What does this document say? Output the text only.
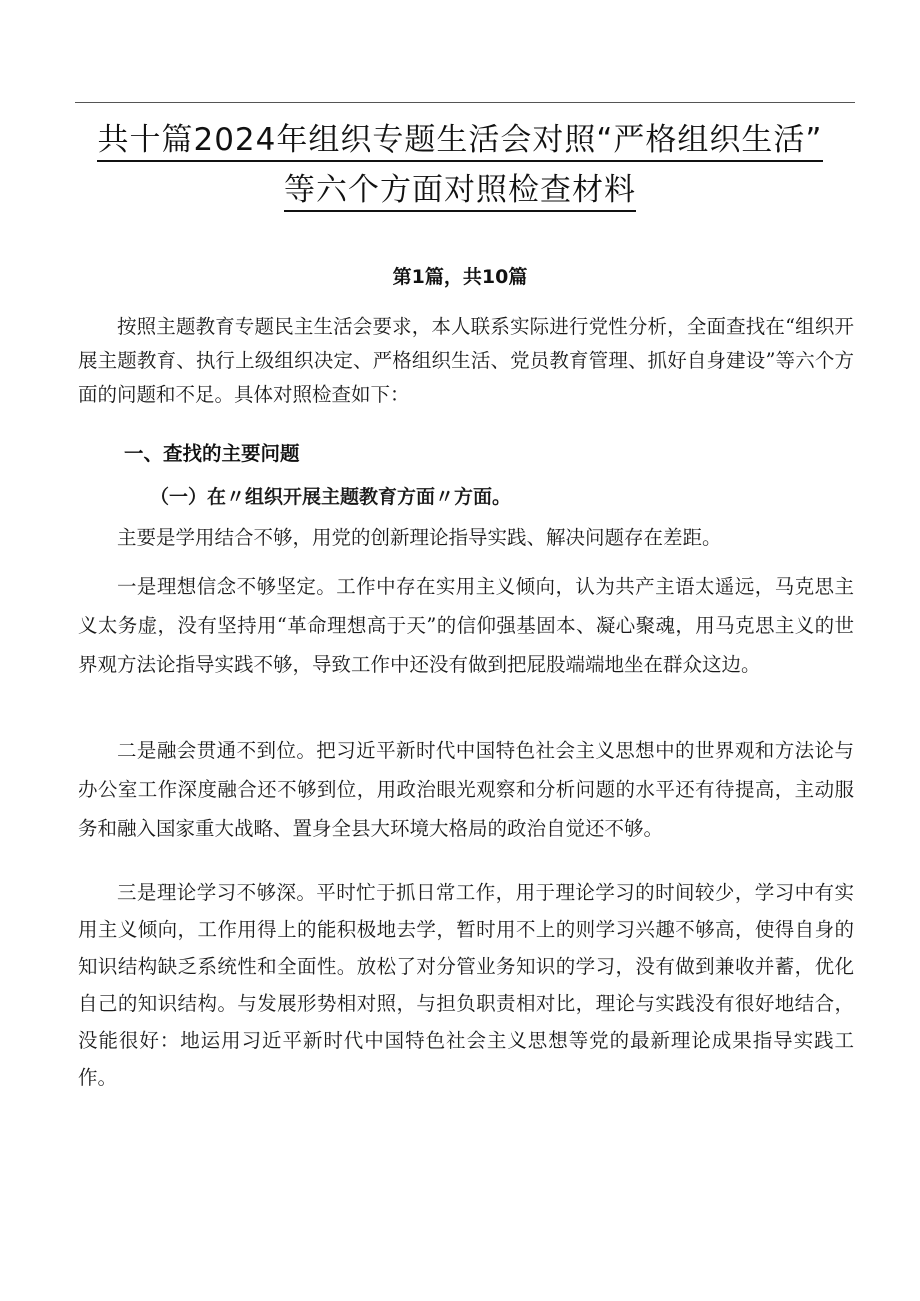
共十篇2024年组织专题生活会对照“严格组织生活”
等六个方面对照检查材料
第1篇，共10篇

按照主题教育专题民主生活会要求，本人联系实际进行党性分析，全面查找在“组织开展主题教育、执行上级组织决定、严格组织生活、党员教育管理、抓好自身建设”等六个方面的问题和不足。具体对照检查如下：

一、查找的主要问题
（一）在〃组织开展主题教育方面〃方面。

主要是学用结合不够，用党的创新理论指导实践、解决问题存在差距。

一是理想信念不够坚定。工作中存在实用主义倾向，认为共产主语太遥远，马克思主义太务虚，没有坚持用“革命理想高于天”的信仰强基固本、凝心聚魂，用马克思主义的世界观方法论指导实践不够，导致工作中还没有做到把屁股端端地坐在群众这边。

二是融会贯通不到位。把习近平新时代中国特色社会主义思想中的世界观和方法论与办公室工作深度融合还不够到位，用政治眼光观察和分析问题的水平还有待提高，主动服务和融入国家重大战略、置身全县大环境大格局的政治自觉还不够。

三是理论学习不够深。平时忙于抓日常工作，用于理论学习的时间较少，学习中有实用主义倾向，工作用得上的能积极地去学，暂时用不上的则学习兴趣不够高，使得自身的知识结构缺乏系统性和全面性。放松了对分管业务知识的学习，没有做到兼收并蓄，优化自己的知识结构。与发展形势相对照，与担负职责相对比，理论与实践没有很好地结合，没能很好：地运用习近平新时代中国特色社会主义思想等党的最新理论成果指导实践工作。
